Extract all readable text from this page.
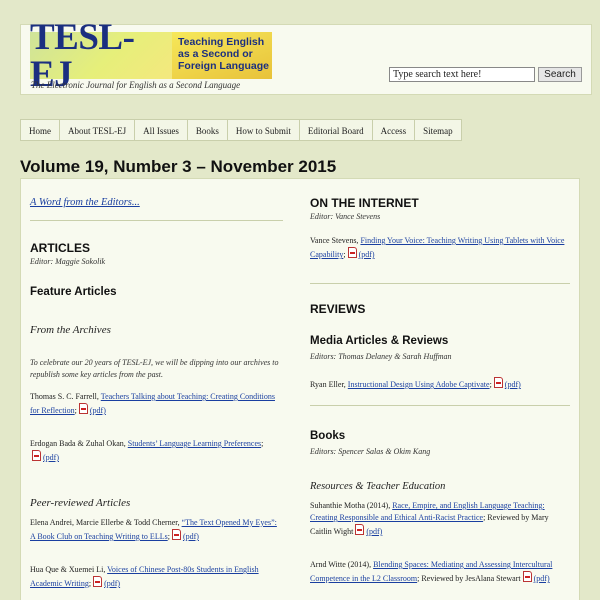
TESL-EJ
Teaching English
as a Second or
Foreign Language
The Electronic Journal for English as a Second Language
Type search text here!	Search
Home	About TESL-EJ	All Issues	Books	How to Submit	Editorial Board	Access	Sitemap
Volume 19, Number 3 – November 2015
A Word from the Editors...
ARTICLES
Editor: Maggie Sokolik
Feature Articles
From the Archives
To celebrate our 20 years of TESL-EJ, we will be dipping into our archives to republish some key articles from the past.
Thomas S. C. Farrell, Teachers Talking about Teaching: Creating Conditions for Reflection; (pdf)
Erdogan Bada & Zuhal Okan, Students’ Language Learning Preferences;
(pdf)
Peer-reviewed Articles
Elena Andrei, Marcie Ellerbe & Todd Cherner, “The Text Opened My Eyes”: A Book Club on Teaching Writing to ELLs; (pdf)
Hua Que & Xuemei Li, Voices of Chinese Post-80s Students in English Academic Writing; (pdf)
ON THE INTERNET
Editor: Vance Stevens
Vance Stevens, Finding Your Voice: Teaching Writing Using Tablets with Voice Capability; (pdf)
REVIEWS
Media Articles & Reviews
Editors: Thomas Delaney & Sarah Huffman
Ryan Eller, Instructional Design Using Adobe Captivate; (pdf)
Books
Editors: Spencer Salas & Okim Kang
Resources & Teacher Education
Suhanthie Motha (2014), Race, Empire, and English Language Teaching: Creating Responsible and Ethical Anti-Racist Practice; Reviewed by Mary Caitlin Wight (pdf)
Arnd Witte (2014), Blending Spaces: Mediating and Assessing Intercultural Competence in the L2 Classroom; Reviewed by JesAlana Stewart (pdf)
